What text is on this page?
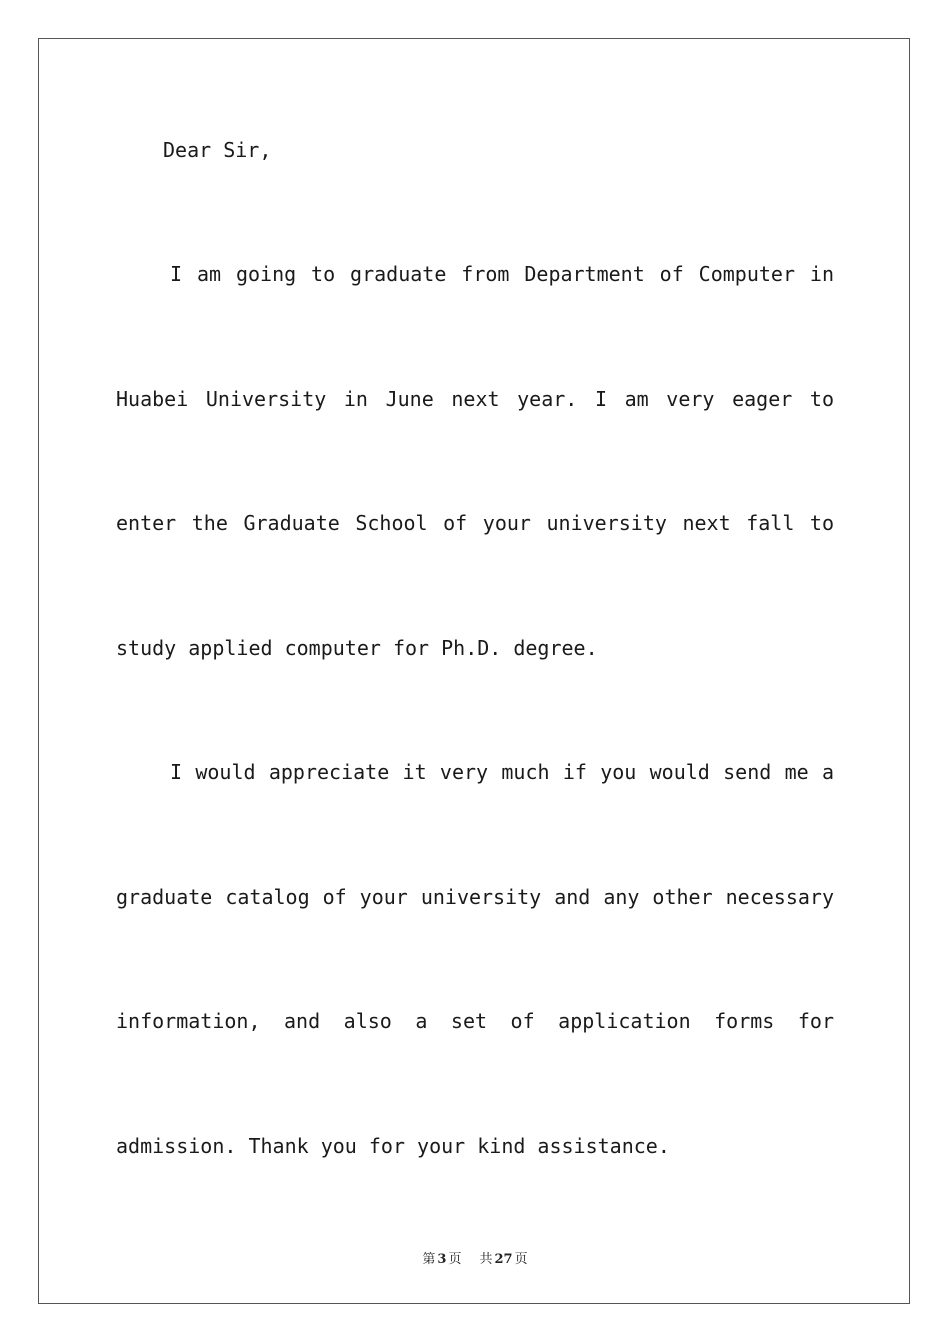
Dear Sir,

I am going to graduate from Department of Computer in

Huabei University in June next year. I am very eager to

enter the Graduate School of your university next fall to

study applied computer for Ph.D. degree.

I would appreciate it very much if you would send me a

graduate catalog of your university and any other necessary

information, and also a set of application forms for

admission. Thank you for your kind assistance.

第 3 页 共 27 页
